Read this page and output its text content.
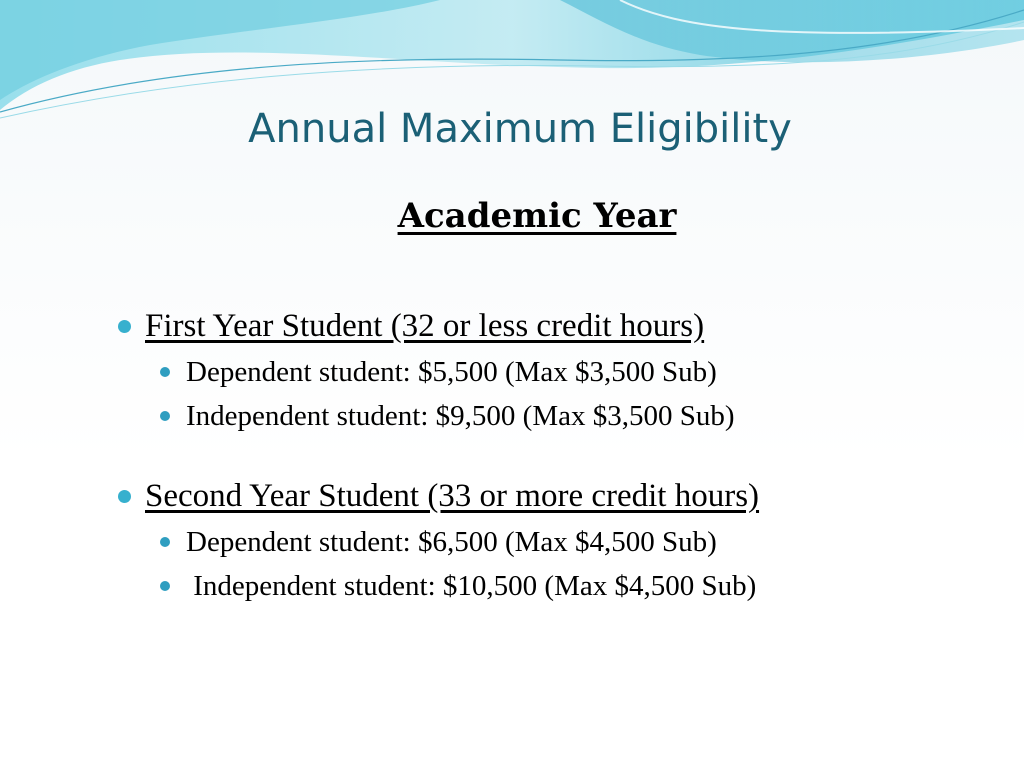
Annual Maximum Eligibility
Academic Year
First Year Student (32 or less credit hours)
Dependent student: $5,500 (Max $3,500 Sub)
Independent student: $9,500 (Max $3,500 Sub)
Second Year Student (33 or more credit hours)
Dependent student: $6,500 (Max $4,500 Sub)
Independent student: $10,500 (Max $4,500 Sub)
